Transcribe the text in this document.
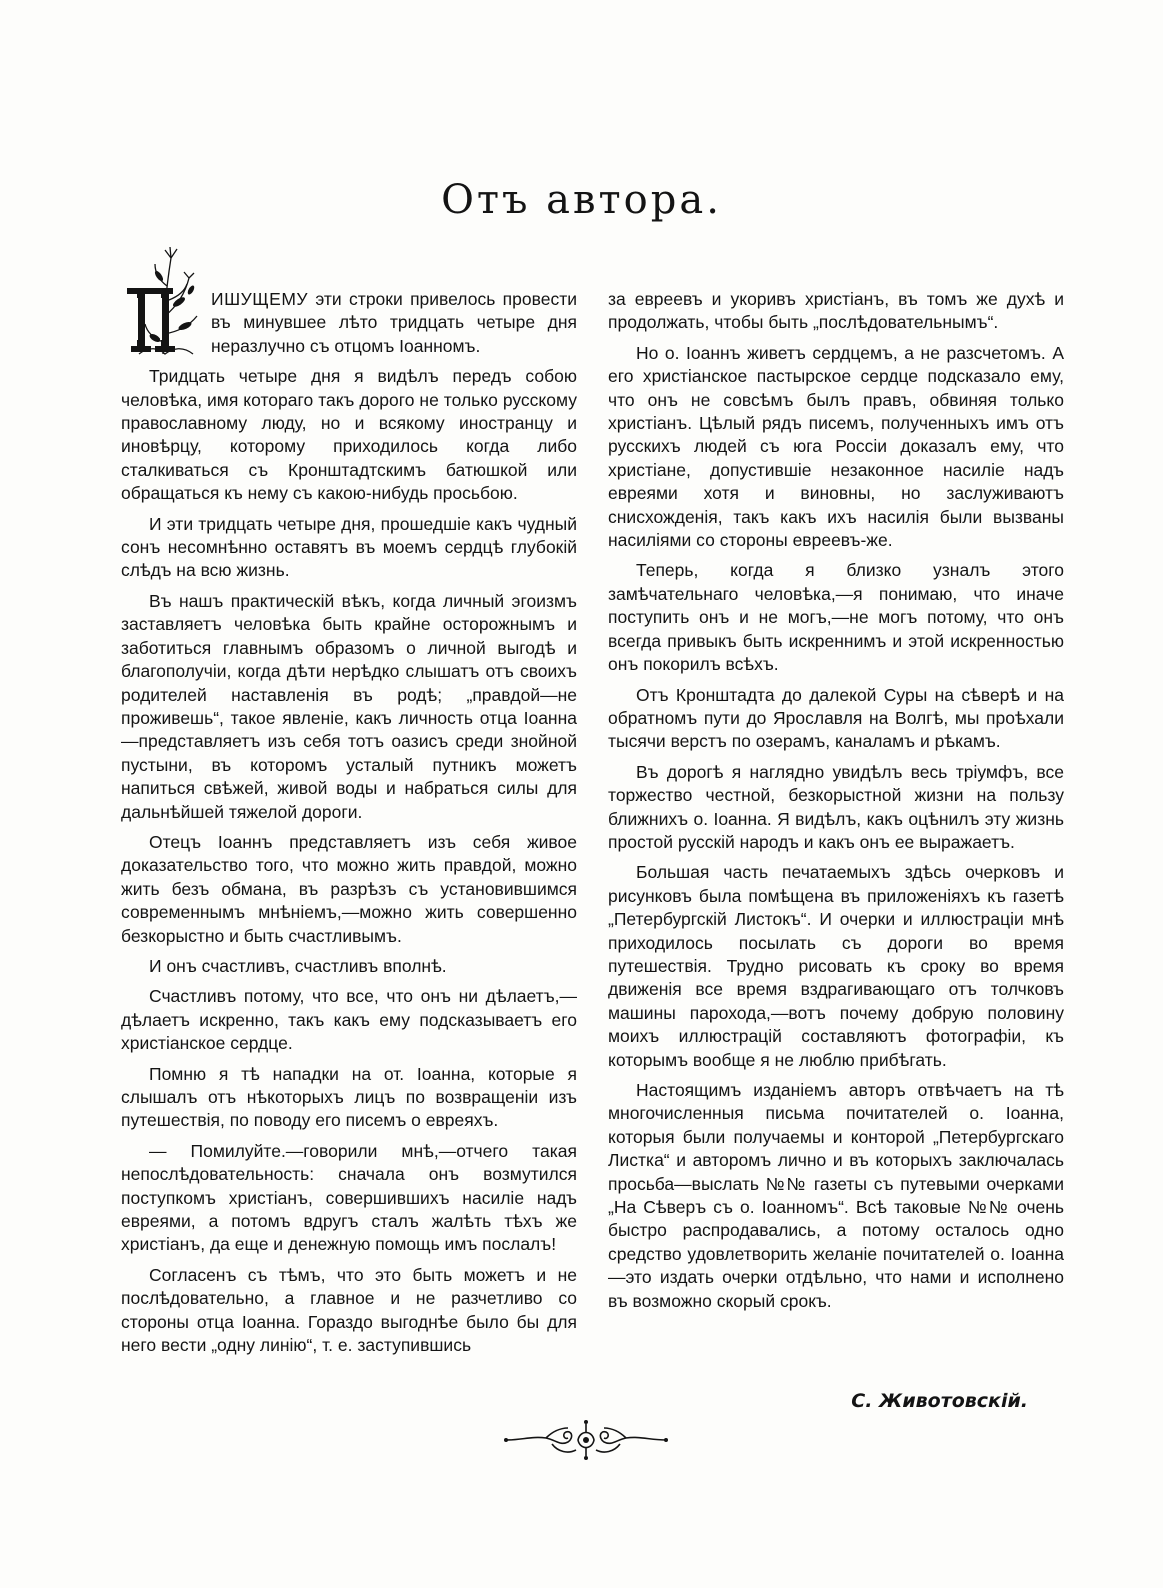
Отъ автора.

ИШУЩЕМУ эти строки привелось провести въ минувшее лѣто тридцать четыре дня неразлучно съ отцомъ Іоанномъ.

Тридцать четыре дня я видѣлъ передъ собою человѣка, имя котораго такъ дорого не только русскому православному люду, но и всякому иностранцу и иновѣрцу, которому приходилось когда либо сталкиваться съ Кронштадтскимъ батюшкой или обращаться къ нему съ какою-нибудь просьбою.

И эти тридцать четыре дня, прошедшіе какъ чудный сонъ несомнѣнно оставятъ въ моемъ сердцѣ глубокій слѣдъ на всю жизнь.

Въ нашъ практическій вѣкъ, когда личный эгоизмъ заставляетъ человѣка быть крайне осторожнымъ и заботиться главнымъ образомъ о личной выгодѣ и благополучіи, когда дѣти нерѣдко слышатъ отъ своихъ родителей наставленія въ родѣ; „правдой—не проживешь“, такое явленіе, какъ личность отца Іоанна—представляетъ изъ себя тотъ оазисъ среди знойной пустыни, въ которомъ усталый путникъ можетъ напиться свѣжей, живой воды и набраться силы для дальнѣйшей тяжелой дороги.

Отецъ Іоаннъ представляетъ изъ себя живое доказательство того, что можно жить правдой, можно жить безъ обмана, въ разрѣзъ съ установившимся современнымъ мнѣніемъ,—можно жить совершенно безкорыстно и быть счастливымъ.

И онъ счастливъ, счастливъ вполнѣ.

Счастливъ потому, что все, что онъ ни дѣлаетъ,—дѣлаетъ искренно, такъ какъ ему подсказываетъ его христіанское сердце.

Помню я тѣ нападки на от. Іоанна, которые я слышалъ отъ нѣкоторыхъ лицъ по возвращеніи изъ путешествія, по поводу его писемъ о евреяхъ.

— Помилуйте.—говорили мнѣ,—отчего такая непослѣдовательность: сначала онъ возмутился поступкомъ христіанъ, совершившихъ насиліе надъ евреями, а потомъ вдругъ сталъ жалѣть тѣхъ же христіанъ, да еще и денежную помощь имъ послалъ!

Согласенъ съ тѣмъ, что это быть можетъ и не послѣдовательно, а главное и не разчетливо со стороны отца Іоанна. Гораздо выгоднѣе было бы для него вести „одну линію“, т. е. заступившись

за евреевъ и укоривъ христіанъ, въ томъ же духѣ и продолжать, чтобы быть „послѣдовательнымъ“.

Но о. Іоаннъ живетъ сердцемъ, а не разсчетомъ. А его христіанское пастырское сердце подсказало ему, что онъ не совсѣмъ былъ правъ, обвиняя только христіанъ. Цѣлый рядъ писемъ, полученныхъ имъ отъ русскихъ людей съ юга Россіи доказалъ ему, что христіане, допустившіе незаконное насиліе надъ евреями хотя и виновны, но заслуживаютъ снисхожденія, такъ какъ ихъ насилія были вызваны насиліями со стороны евреевъ-же.

Теперь, когда я близко узналъ этого замѣчательнаго человѣка,—я понимаю, что иначе поступить онъ и не могъ,—не могъ потому, что онъ всегда привыкъ быть искреннимъ и этой искренностью онъ покорилъ всѣхъ.

Отъ Кронштадта до далекой Суры на сѣверѣ и на обратномъ пути до Ярославля на Волгѣ, мы проѣхали тысячи верстъ по озерамъ, каналамъ и рѣкамъ.

Въ дорогѣ я наглядно увидѣлъ весь тріумфъ, все торжество честной, безкорыстной жизни на пользу ближнихъ о. Іоанна. Я видѣлъ, какъ оцѣнилъ эту жизнь простой русскій народъ и какъ онъ ее выражаетъ.

Большая часть печатаемыхъ здѣсь очерковъ и рисунковъ была помѣщена въ приложеніяхъ къ газетѣ „Петербургскій Листокъ“. И очерки и иллюстраціи мнѣ приходилось посылать съ дороги во время путешествія. Трудно рисовать къ сроку во время движенія все время вздрагивающаго отъ толчковъ машины парохода,—вотъ почему добрую половину моихъ иллюстрацій составляютъ фотографіи, къ которымъ вообще я не люблю прибѣгать.

Настоящимъ изданіемъ авторъ отвѣчаетъ на тѣ многочисленныя письма почитателей о. Іоанна, которыя были получаемы и конторой „Петербургскаго Листка“ и авторомъ лично и въ которыхъ заключалась просьба—выслать №№ газеты съ путевыми очерками „На Сѣверъ съ о. Іоанномъ“. Всѣ таковые №№ очень быстро распродавались, а потому осталось одно средство удовлетворить желаніе почитателей о. Іоанна—это издать очерки отдѣльно, что нами и исполнено въ возможно скорый срокъ.

С. Животовскій.
